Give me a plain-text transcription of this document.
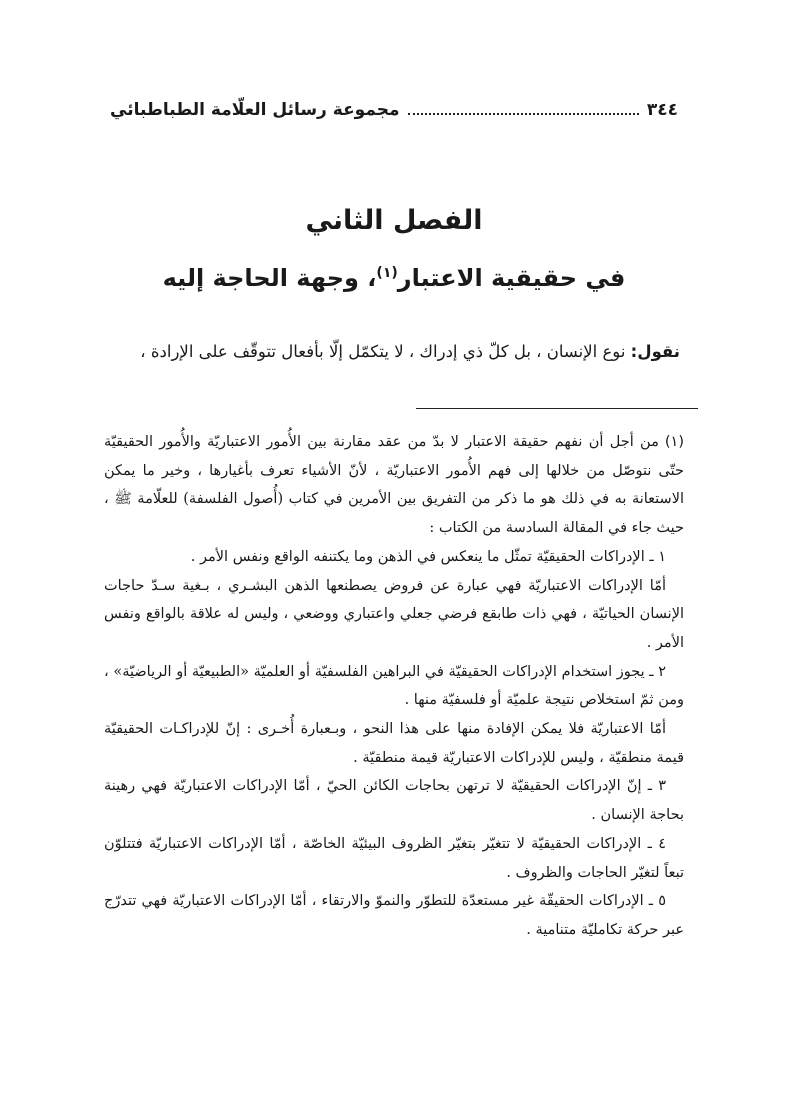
٣٤٤
مجموعة رسائل العلّامة الطباطبائي
الفصل الثاني
في حقيقية الاعتبار$^{(١)}$، وجهة الحاجة إليه
نقول: نوع الإنسان ، بل كلّ ذي إدراك ، لا يتكمّل إلّا بأفعال تتوقّف على الإرادة ،

(١)من أجل أن نفهم حقيقة الاعتبار لا بدّ من عقد مقارنة بين الأُمور الاعتباريّة والأُمور الحقيقيّة حتّى نتوصّل من خلالها إلى فهم الأُمور الاعتباريّة ، لأنّ الأشياء تعرف بأغيارها ، وخير ما يمكن الاستعانة به في ذلك هو ما ذكر من التفريق بين الأمرين في كتاب (أُصول الفلسفة) للعلّامة ﷺ ، حيث جاء في المقالة السادسة من الكتاب :

١ ـ الإدراكات الحقيقيّة تمثّل ما ينعكس في الذهن وما يكتنفه الواقع ونفس الأمر .

أمّا الإدراكات الاعتباريّة فهي عبارة عن فروض يصطنعها الذهن البشـري ، بـغية سـدّ حاجات الإنسان الحياتيّة ، فهي ذات طابقع فرضي جعلي واعتباري ووضعي ، وليس له علاقة بالواقع ونفس الأمر .

٢ ـ يجوز استخدام الإدراكات الحقيقيّة في البراهين الفلسفيّة أو العلميّة «الطبيعيّة أو الرياضيّة» ، ومن ثمّ استخلاص نتيجة علميّة أو فلسفيّة منها .

أمّا الاعتباريّة فلا يمكن الإفادة منها على هذا النحو ، وبـعبارة أُخـرى : إنّ للإدراكـات الحقيقيّة قيمة منطقيّة ، وليس للإدراكات الاعتباريّة قيمة منطقيّة .

٣ ـ إنّ الإدراكات الحقيقيّة لا ترتهن بحاجات الكائن الحيّ ، أمّا الإدراكات الاعتباريّة فهي رهينة بحاجة الإنسان .

٤ ـ الإدراكات الحقيقيّة لا تتغيّر بتغيّر الظروف البيئيّة الخاصّة ، أمّا الإدراكات الاعتباريّة فتتلوّن تبعاً لتغيّر الحاجات والظروف .

٥ ـ الإدراكات الحقيقّة غير مستعدّة للتطوّر والنموّ والارتقاء ، أمّا الإدراكات الاعتباريّة فهي تتدرّج عبر حركة تكامليّة متنامية .
